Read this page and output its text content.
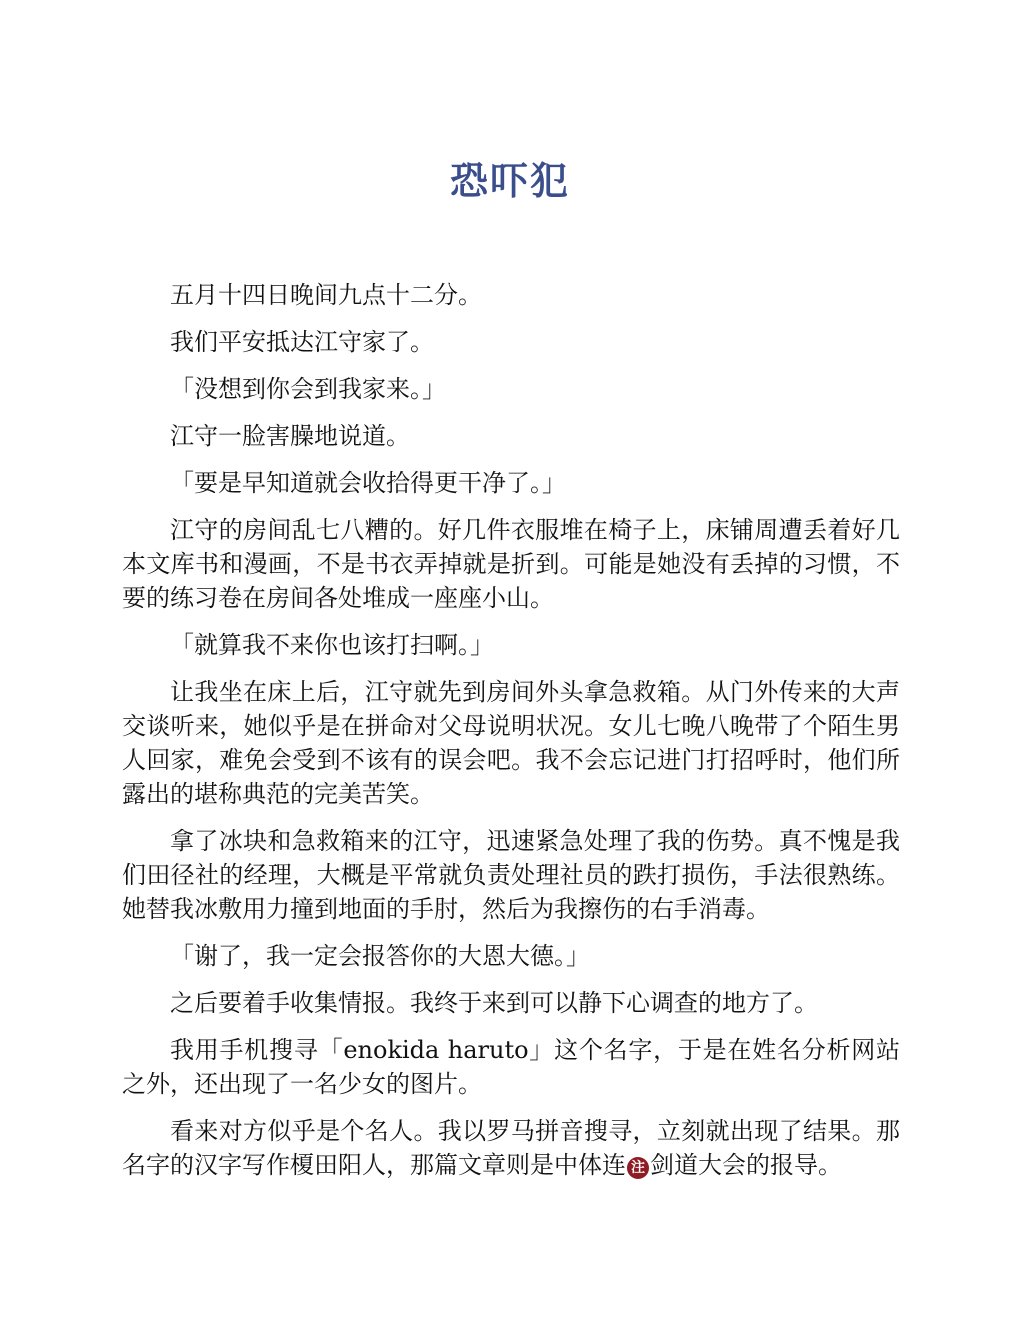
恐吓犯

五月十四日晚间九点十二分。

我们平安抵达江守家了。

「没想到你会到我家来。」

江守一脸害臊地说道。

「要是早知道就会收拾得更干净了。」

江守的房间乱七八糟的。好几件衣服堆在椅子上，床铺周遭丢着好几本文库书和漫画，不是书衣弄掉就是折到。可能是她没有丢掉的习惯，不要的练习卷在房间各处堆成一座座小山。

「就算我不来你也该打扫啊。」

让我坐在床上后，江守就先到房间外头拿急救箱。从门外传来的大声交谈听来，她似乎是在拼命对父母说明状况。女儿七晚八晚带了个陌生男人回家，难免会受到不该有的误会吧。我不会忘记进门打招呼时，他们所露出的堪称典范的完美苦笑。

拿了冰块和急救箱来的江守，迅速紧急处理了我的伤势。真不愧是我们田径社的经理，大概是平常就负责处理社员的跌打损伤，手法很熟练。她替我冰敷用力撞到地面的手肘，然后为我擦伤的右手消毒。

「谢了，我一定会报答你的大恩大德。」

之后要着手收集情报。我终于来到可以静下心调查的地方了。

我用手机搜寻「enokida haruto」这个名字，于是在姓名分析网站之外，还出现了一名少女的图片。

看来对方似乎是个名人。我以罗马拼音搜寻，立刻就出现了结果。那名字的汉字写作榎田阳人，那篇文章则是中体连 注 剑道大会的报导。
